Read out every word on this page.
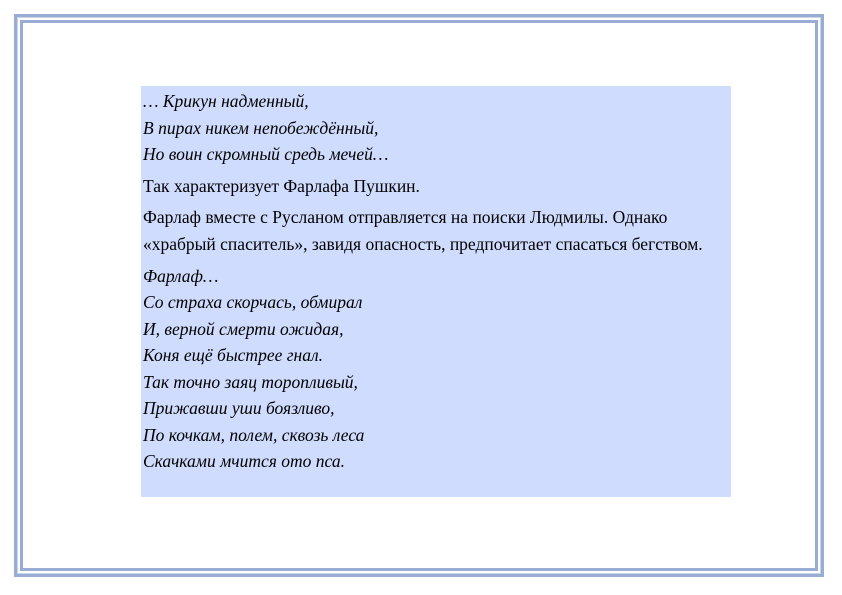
… Крикун надменный,
В пирах никем непобеждённый,
Но воин скромный средь мечей…
Так характеризует Фарлафа Пушкин.
Фарлаф вместе с Русланом отправляется на поиски Людмилы. Однако «храбрый спаситель», завидя опасность, предпочитает спасаться бегством.
Фарлаф…
Со страха скорчась, обмирал
И, верной смерти ожидая,
Коня ещё быстрее гнал.
Так точно заяц торопливый,
Прижавши уши боязливо,
По кочкам, полем, сквозь леса
Скачками мчится ото пса.
